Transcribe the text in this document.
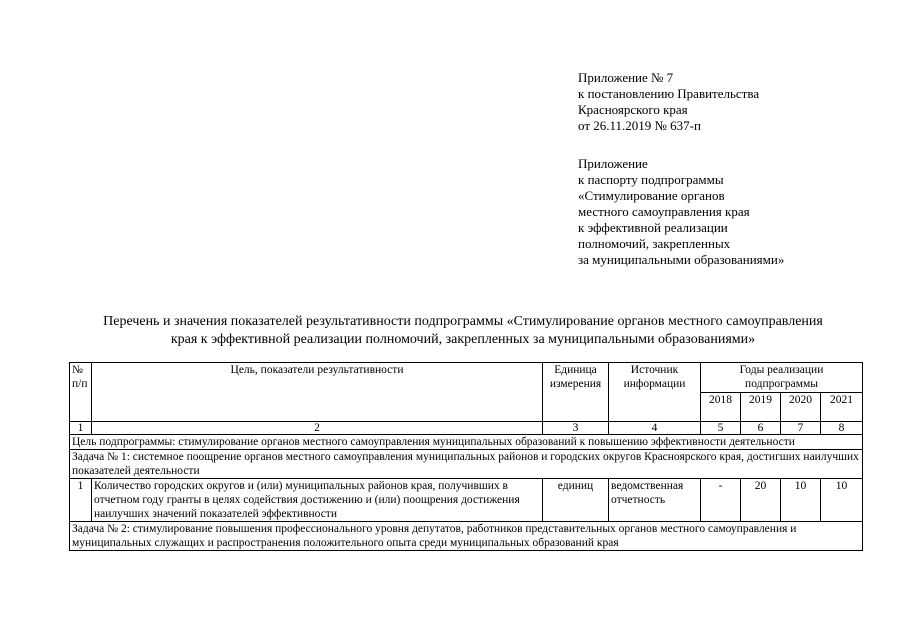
Приложение № 7
к постановлению Правительства
Красноярского края
от 26.11.2019 № 637-п
Приложение
к паспорту подпрограммы
«Стимулирование органов
местного самоуправления края
к эффективной реализации
полномочий, закрепленных
за муниципальными образованиями»
Перечень и значения показателей результативности подпрограммы «Стимулирование органов местного самоуправления
края к эффективной реализации полномочий, закрепленных за муниципальными образованиями»
№ п/п	Цель, показатели результативности	Единица измерения	Источник информации	Годы реализации подпрограммы			
				2018	2019	2020	2021
1	2	3	4	5	6	7	8
Цель подпрограммы: стимулирование органов местного самоуправления муниципальных образований к повышению эффективности деятельности							
Задача № 1: системное поощрение органов местного самоуправления муниципальных районов и городских округов Красноярского края, достигших наилучших показателей деятельности							
1	Количество городских округов и (или) муниципальных районов края, получивших в отчетном году гранты в целях содействия достижению и (или) поощрения достижения наилучших значений показателей эффективности	единиц	ведомственная отчетность	-	20	10	10
Задача № 2: стимулирование повышения профессионального уровня депутатов, работников представительных органов местного самоуправления и муниципальных служащих и распространения положительного опыта среди муниципальных образований края							
